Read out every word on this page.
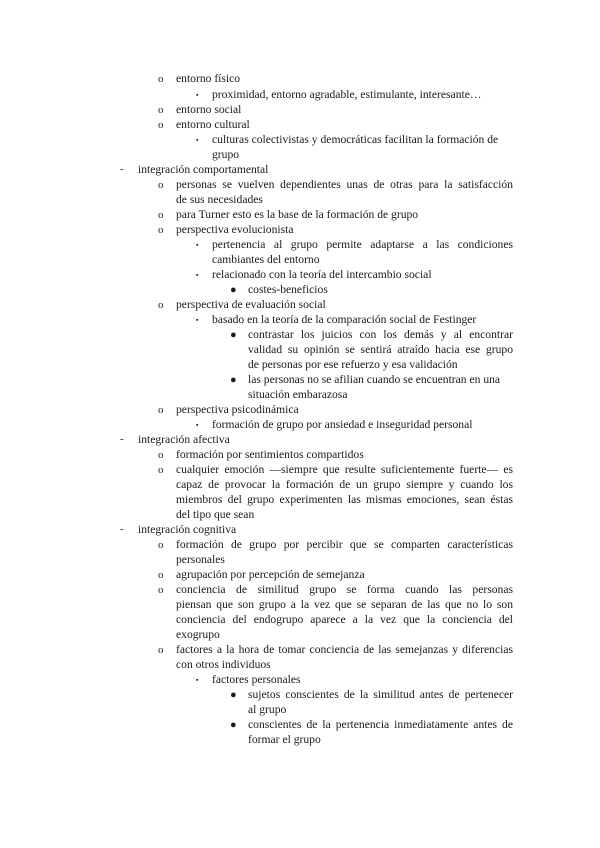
o entorno físico
▪ proximidad, entorno agradable, estimulante, interesante…
o entorno social
o entorno cultural
▪ culturas colectivistas y democráticas facilitan la formación de
grupo
- integración comportamental
o personas se vuelven dependientes unas de otras para la satisfacción
de sus necesidades
o para Turner esto es la base de la formación de grupo
o perspectiva evolucionista
▪ pertenencia al grupo permite adaptarse a las condiciones
cambiantes del entorno
▪ relacionado con la teoría del intercambio social
● costes-beneficios
o perspectiva de evaluación social
▪ basado en la teoría de la comparación social de Festinger
● contrastar los juicios con los demás y al encontrar
validad su opinión se sentirá atraído hacia ese grupo
de personas por ese refuerzo y esa validación
● las personas no se afilian cuando se encuentran en una
situación embarazosa
o perspectiva psicodinámica
▪ formación de grupo por ansiedad e inseguridad personal
- integración afectiva
o formación por sentimientos compartidos
o cualquier emoción —siempre que resulte suficientemente fuerte— es
capaz de provocar la formación de un grupo siempre y cuando los
miembros del grupo experimenten las mismas emociones, sean éstas
del tipo que sean
- integración cognitiva
o formación de grupo por percibir que se comparten características
personales
o agrupación por percepción de semejanza
o conciencia de similitud grupo se forma cuando las personas
piensan que son grupo a la vez que se separan de las que no lo son
conciencia del endogrupo aparece a la vez que la conciencia del
exogrupo
o factores a la hora de tomar conciencia de las semejanzas y diferencias
con otros individuos
▪ factores personales
● sujetos conscientes de la similitud antes de pertenecer
al grupo
● conscientes de la pertenencia inmediatamente antes de
formar el grupo
